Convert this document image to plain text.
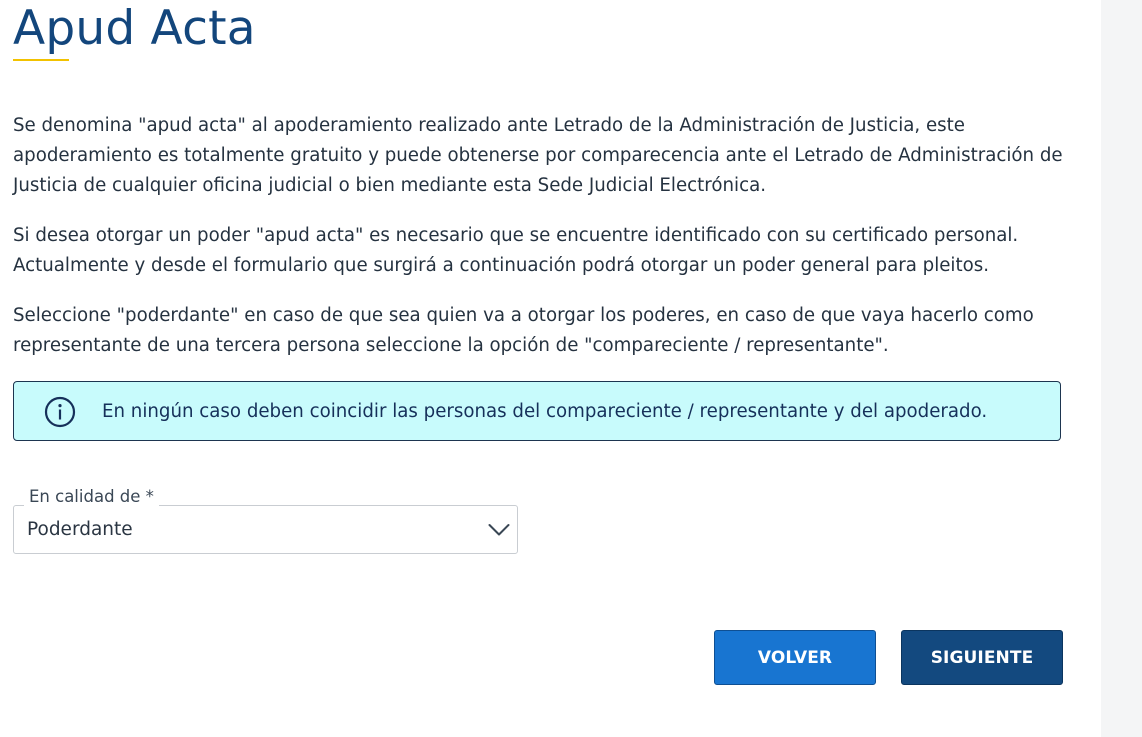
Apud Acta

Se denomina "apud acta" al apoderamiento realizado ante Letrado de la Administración de Justicia, este apoderamiento es totalmente gratuito y puede obtenerse por comparecencia ante el Letrado de Administración de Justicia de cualquier oficina judicial o bien mediante esta Sede Judicial Electrónica.

Si desea otorgar un poder "apud acta" es necesario que se encuentre identificado con su certificado personal. Actualmente y desde el formulario que surgirá a continuación podrá otorgar un poder general para pleitos.

Seleccione "poderdante" en caso de que sea quien va a otorgar los poderes, en caso de que vaya hacerlo como representante de una tercera persona seleccione la opción de "compareciente / representante".

En ningún caso deben coincidir las personas del compareciente / representante y del apoderado.
En calidad de *
Poderdante
VOLVER	SIGUIENTE
